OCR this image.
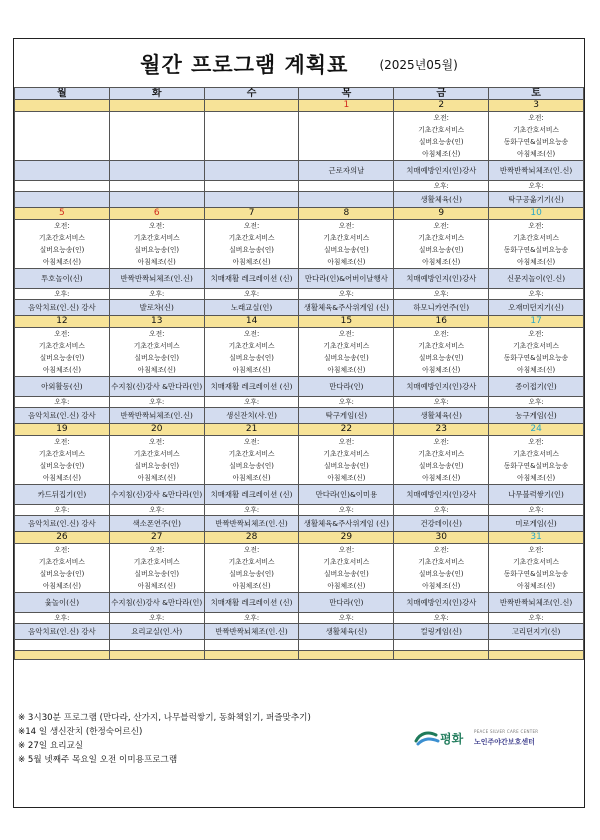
월간 프로그램 계획표	(2025년05월)
월	화	수	목	금	토
			1	2	3

				오전:
기초간호서비스
실버요능송(인)
아침체조(신)	오전:
기초간호서비스
동화구연&실버요능송
아침체조(신)

			근로자의날	치매예방인지(인)강사	반짝반짝뇌체조(인.신)
				오후:	오후:
				생활체육(신)	탁구공옮기기(신)
5	6	7	8	9	10

오전:
기초간호서비스
실버요능송(인)
아침체조(신)	오전:
기초간호서비스
실버요능송(인)
아침체조(신)	오전:
기초간호서비스
실버요능송(인)
아침체조(신)	오전:
기초간호서비스
실버요능송(인)
아침체조(신)	오전:
기초간호서비스
실버요능송(인)
아침체조(신)	오전:
기초간호서비스
동화구연&실버요능송
아침체조(신)

투호놀이(신)	반짝반짝뇌체조(인.신)	치매재활 레크레이션 (신)	만다라(인)&어버이날행사	치매예방인지(인)강사	신문지놀이(인.신)
오후:	오후:	오후:	오후:	오후:	오후:
음악치료(인.신) 강사	발로차(신)	노래교실(인)	생활체육&주사위게임 (신)	하모니카연주(인)	오재미던지기(신)
12	13	14	15	16	17

오전:
기초간호서비스
실버요능송(인)
아침체조(신)	오전:
기초간호서비스
실버요능송(인)
아침체조(신)	오전:
기초간호서비스
실버요능송(인)
아침체조(신)	오전:
기초간호서비스
실버요능송(인)
아침체조(신)	오전:
기초간호서비스
실버요능송(인)
아침체조(신)	오전:
기초간호서비스
동화구연&실버요능송
아침체조(신)

아외활동(신)	수지침(신)강사 &만다라(인)	치매재활 레크레이션 (신)	만다라(인)	치매예방인지(인)강사	종이접기(인)
오후:	오후:	오후:	오후:	오후:	오후:
음악치료(인.신) 강사	반짝반짝뇌체조(인.신)	생신잔치(사.인)	탁구게임(신)	생활체육(신)	농구게임(신)
19	20	21	22	23	24

오전:
기초간호서비스
실버요능송(인)
아침체조(신)	오전:
기초간호서비스
실버요능송(인)
아침체조(신)	오전:
기초간호서비스
실버요능송(인)
아침체조(신)	오전:
기초간호서비스
실버요능송(인)
아침체조(신)	오전:
기초간호서비스
실버요능송(인)
아침체조(신)	오전:
기초간호서비스
동화구연&실버요능송
아침체조(신)

카드뒤집기(인)	수지침(신)강사 &만다라(인)	치매재활 레크레이션 (신)	만다라(인)&이미용	치매예방인지(인)강사	나무블럭쌓기(인)
오후:	오후:	오후:	오후:	오후:	오후:
음악치료(인.신) 강사	색소폰연주(인)	반짝반짝뇌체조(인.신)	생활체육&주사위게임 (신)	건강데이(신)	미로게임(신)
26	27	28	29	30	31

오전:
기초간호서비스
실버요능송(인)
아침체조(신)	오전:
기초간호서비스
실버요능송(인)
아침체조(신)	오전:
기초간호서비스
실버요능송(인)
아침체조(신)	오전:
기초간호서비스
실버요능송(인)
아침체조(신)	오전:
기초간호서비스
실버요능송(인)
아침체조(신)	오전:
기초간호서비스
동화구연&실버요능송
아침체조(신)

윷놀이(신)	수지침(신)강사 &만다라(인)	치매재활 레크레이션 (신)	만다라(인)	치매예방인지(인)강사	반짝반짝뇌체조(인.신)
오후:	오후:	오후:	오후:	오후:	오후:
음악치료(인.신) 강사	요리교실(인.사)	반짝반짝뇌체조(인.신)	생활체육(신)	컬링게임(신)	고리던지기(신)

※ 3시30분 프로그램 (만다라, 산가지, 나무블럭쌓기, 동화책읽기, 퍼즐맞추기)
※14 일 생신잔치 (한정숙어르신)
※ 27일 요리교실
※ 5월 넷째주 목요일 오전 이미용프로그램
평화
PEACE SILVER CARE CENTER
노인주야간보호센터
